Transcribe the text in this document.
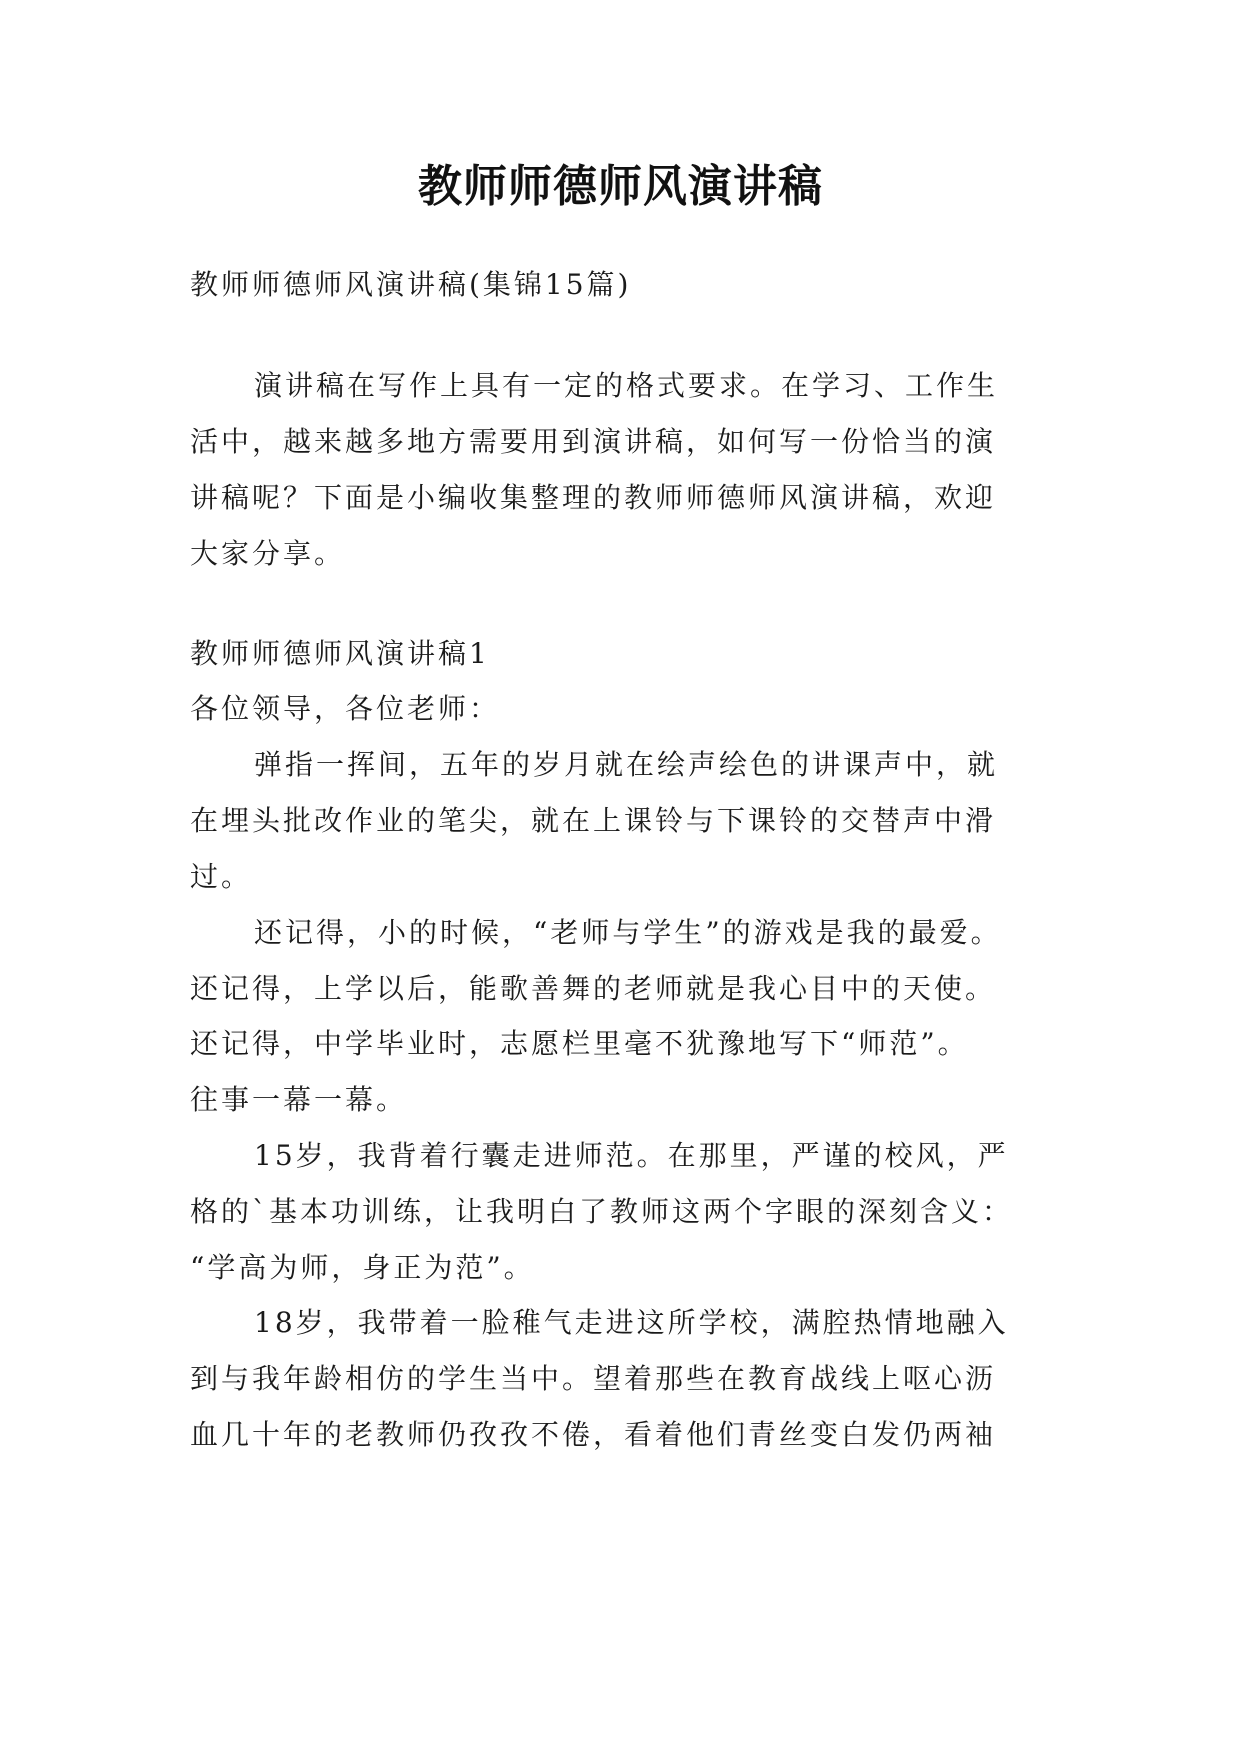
教师师德师风演讲稿
教师师德师风演讲稿(集锦15篇)
演讲稿在写作上具有一定的格式要求。在学习、工作生
活中，越来越多地方需要用到演讲稿，如何写一份恰当的演
讲稿呢？下面是小编收集整理的教师师德师风演讲稿，欢迎
大家分享。
教师师德师风演讲稿1
各位领导，各位老师：
弹指一挥间，五年的岁月就在绘声绘色的讲课声中，就
在埋头批改作业的笔尖，就在上课铃与下课铃的交替声中滑
过。
还记得，小的时候，“老师与学生”的游戏是我的最爱。
还记得，上学以后，能歌善舞的老师就是我心目中的天使。
还记得，中学毕业时，志愿栏里毫不犹豫地写下“师范”。
往事一幕一幕。
15岁，我背着行囊走进师范。在那里，严谨的校风，严
格的`基本功训练，让我明白了教师这两个字眼的深刻含义：
“学高为师，身正为范”。
18岁，我带着一脸稚气走进这所学校，满腔热情地融入
到与我年龄相仿的学生当中。望着那些在教育战线上呕心沥
血几十年的老教师仍孜孜不倦，看着他们青丝变白发仍两袖
